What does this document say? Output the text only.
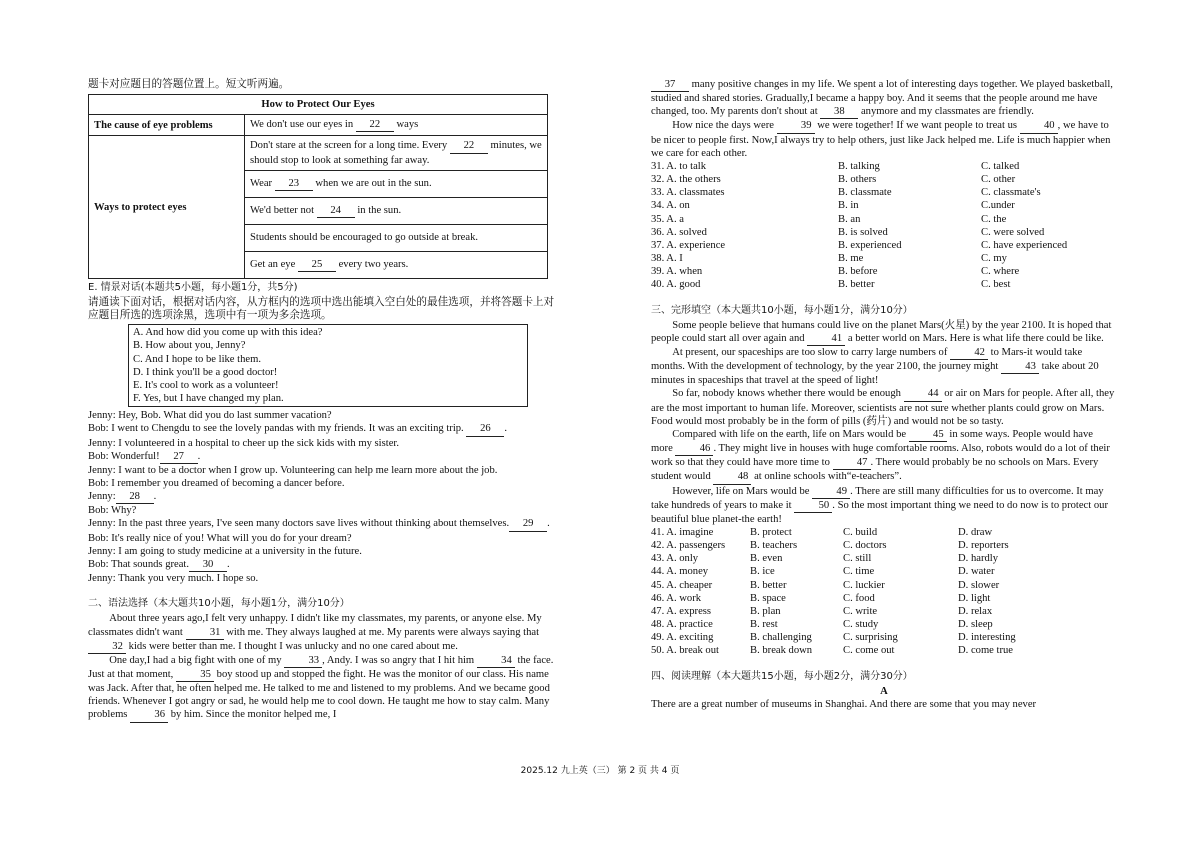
题卡对应题目的答题位置上。短文听两遍。

How to Protect Our Eyes	
The cause of eye problems	We don't use our eyes in 22 ways
Ways to protect eyes	Don't stare at the screen for a long time. Every 22 minutes, we should stop to look at something far away.
	Wear 23 when we are out in the sun.
	We'd better not 24 in the sun.
	Students should be encouraged to go outside at break.
	Get an eye 25 every two years.

E. 情景对话(本题共5小题，每小题1分，共5分)

请通读下面对话，根据对话内容，从方框内的选项中选出能填入空白处的最佳选项，并将答题卡上对应题目所选的选项涂黑，选项中有一项为多余选项。

A. And how did you come up with this idea?

B. How about you, Jenny?

C. And I hope to be like them.

D. I think you'll be a good doctor!

E. It's cool to work as a volunteer!

F. Yes, but I have changed my plan.

Jenny: Hey, Bob. What did you do last summer vacation?

Bob: I went to Chengdu to see the lovely pandas with my friends. It was an exciting trip. 26 .

Jenny: I volunteered in a hospital to cheer up the sick kids with my sister.

Bob: Wonderful! 27 .

Jenny: I want to be a doctor when I grow up. Volunteering can help me learn more about the job.

Bob: I remember you dreamed of becoming a dancer before.

Jenny: 28 .

Bob: Why?

Jenny: In the past three years, I've seen many doctors save lives without thinking about themselves. 29 .

Bob: It's really nice of you! What will you do for your dream?

Jenny: I am going to study medicine at a university in the future.

Bob: That sounds great. 30 .

Jenny: Thank you very much. I hope so.

二、语法选择（本大题共10小题，每小题1分，满分10分）

About three years ago,I felt very unhappy. I didn't like my classmates, my parents, or anyone else. My classmates didn't want	31 with me. They always laughed at me. My parents were always saying that 32 kids were better than me. I thought I was unlucky and no one cared about me.

One day,I had a big fight with one of my	33 , Andy. I was so angry that I hit him	34 the face. Just at that moment,	35 boy stood up and stopped the fight. He was the monitor of our class. His name was Jack. After that, he often helped me. He talked to me and listened to my problems. And we became good friends. Whenever I got angry or sad, he would help me to cool down. He taught me how to stay calm. Many problems	36 by him. Since the monitor helped me, I

37 many positive changes in my life. We spent a lot of interesting days together. We played basketball, studied and shared stories. Gradually,I became a happy boy. And it seems that the people around me have changed, too. My parents don't shout at 38 anymore and my classmates are friendly.

How nice the days were	39 we were together! If we want people to treat us	40 , we have to be nicer to people first. Now,I always try to help others, just like Jack helped me. Life is much happier when we care for each other.

31. A. to talk	B. talking	C. talked
32. A. the others	B. others	C. other
33. A. classmates	B. classmate	C. classmate's
34. A. on	B. in	C.under
35. A. a	B. an	C. the
36. A. solved	B. is solved	C. were solved
37. A. experience	B. experienced	C. have experienced
38. A. I	B. me	C. my
39. A. when	B. before	C. where
40. A. good	B. better	C. best

三、完形填空（本大题共10小题，每小题1分，满分10分）

Some people believe that humans could live on the planet Mars(火星) by the year 2100. It is hoped that people could start all over again and	41 a better world on Mars. Here is what life there could be like.

At present, our spaceships are too slow to carry large numbers of	42 to Mars-it would take months. With the development of technology, by the year 2100, the journey might	43 take about 20 minutes in spaceships that travel at the speed of light!

So far, nobody knows whether there would be enough	44 or air on Mars for people. After all, they are the most important to human life. Moreover, scientists are not sure whether plants could grow on Mars. Food would most probably be in the form of pills (药片) and would not be so tasty.

Compared with life on the earth, life on Mars would be	45 in some ways. People would have more	46 . They might live in houses with huge comfortable rooms. Also, robots would do a lot of their work so that they could have more time to	47 . There would probably be no schools on Mars. Every student would	48 at online schools with“e-teachers”.

However, life on Mars would be	49 . There are still many difficulties for us to overcome. It may take hundreds of years to make it	50 . So the most important thing we need to do now is to protect our beautiful blue planet-the earth!

41. A. imagine	B. protect	C. build	D. draw
42. A. passengers	B. teachers	C. doctors	D. reporters
43. A. only	B. even	C. still	D. hardly
44. A. money	B. ice	C. time	D. water
45. A. cheaper	B. better	C. luckier	D. slower
46. A. work	B. space	C. food	D. light
47. A. express	B. plan	C. write	D. relax
48. A. practice	B. rest	C. study	D. sleep
49. A. exciting	B. challenging	C. surprising	D. interesting
50. A. break out	B. break down	C. come out	D. come true

四、阅读理解（本大题共15小题，每小题2分，满分30分）

A

There are a great number of museums in Shanghai. And there are some that you may never

2025.12 九上英（三） 第 2 页 共 4 页
